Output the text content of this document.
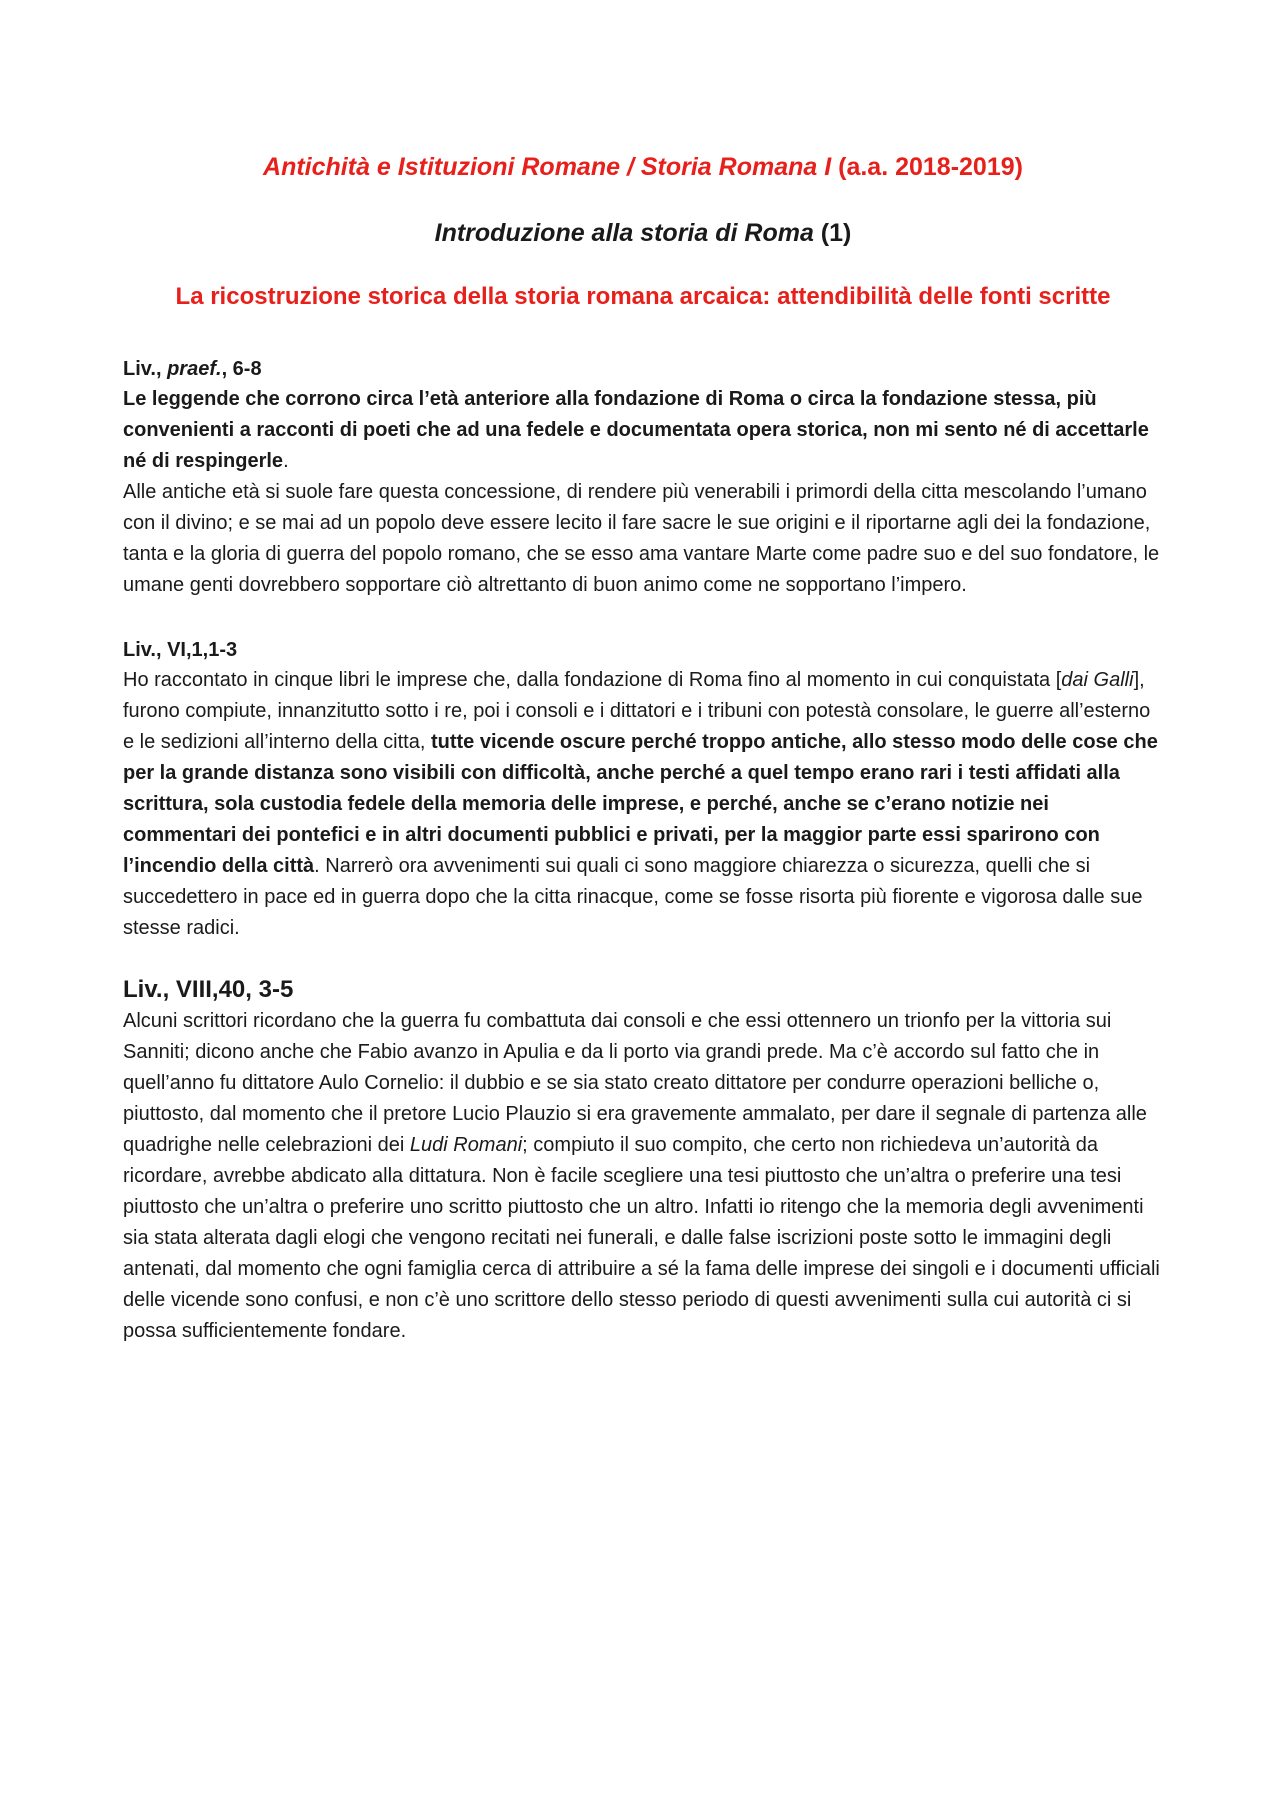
Antichità e Istituzioni Romane / Storia Romana I (a.a. 2018-2019)

Introduzione alla storia di Roma (1)

La ricostruzione storica della storia romana arcaica: attendibilità delle fonti scritte

Liv., praef., 6-8

Le leggende che corrono circa l’età anteriore alla fondazione di Roma o circa la fondazione stessa, più convenienti a racconti di poeti che ad una fedele e documentata opera storica, non mi sento né di accettarle né di respingerle.

Alle antiche età si suole fare questa concessione, di rendere più venerabili i primordi della citta mescolando l’umano con il divino; e se mai ad un popolo deve essere lecito il fare sacre le sue origini e il riportarne agli dei la fondazione, tanta e la gloria di guerra del popolo romano, che se esso ama vantare Marte come padre suo e del suo fondatore, le umane genti dovrebbero sopportare ciò altrettanto di buon animo come ne sopportano l’impero.

Liv., VI,1,1-3

Ho raccontato in cinque libri le imprese che, dalla fondazione di Roma fino al momento in cui conquistata [dai Galli], furono compiute, innanzitutto sotto i re, poi i consoli e i dittatori e i tribuni con potestà consolare, le guerre all’esterno e le sedizioni all’interno della citta, tutte vicende oscure perché troppo antiche, allo stesso modo delle cose che per la grande distanza sono visibili con difficoltà, anche perché a quel tempo erano rari i testi affidati alla scrittura, sola custodia fedele della memoria delle imprese, e perché, anche se c’erano notizie nei commentari dei pontefici e in altri documenti pubblici e privati, per la maggior parte essi sparirono con l’incendio della città. Narrerò ora avvenimenti sui quali ci sono maggiore chiarezza o sicurezza, quelli che si succedettero in pace ed in guerra dopo che la citta rinacque, come se fosse risorta più fiorente e vigorosa dalle sue stesse radici.

Liv., VIII,40, 3-5

Alcuni scrittori ricordano che la guerra fu combattuta dai consoli e che essi ottennero un trionfo per la vittoria sui Sanniti; dicono anche che Fabio avanzo in Apulia e da li porto via grandi prede. Ma c’è accordo sul fatto che in quell’anno fu dittatore Aulo Cornelio: il dubbio e se sia stato creato dittatore per condurre operazioni belliche o, piuttosto, dal momento che il pretore Lucio Plauzio si era gravemente ammalato, per dare il segnale di partenza alle quadrighe nelle celebrazioni dei Ludi Romani; compiuto il suo compito, che certo non richiedeva un’autorità da ricordare, avrebbe abdicato alla dittatura. Non è facile scegliere una tesi piuttosto che un’altra o preferire una tesi piuttosto che un’altra o preferire uno scritto piuttosto che un altro. Infatti io ritengo che la memoria degli avvenimenti sia stata alterata dagli elogi che vengono recitati nei funerali, e dalle false iscrizioni poste sotto le immagini degli antenati, dal momento che ogni famiglia cerca di attribuire a sé la fama delle imprese dei singoli e i documenti ufficiali delle vicende sono confusi, e non c’è uno scrittore dello stesso periodo di questi avvenimenti sulla cui autorità ci si possa sufficientemente fondare.
